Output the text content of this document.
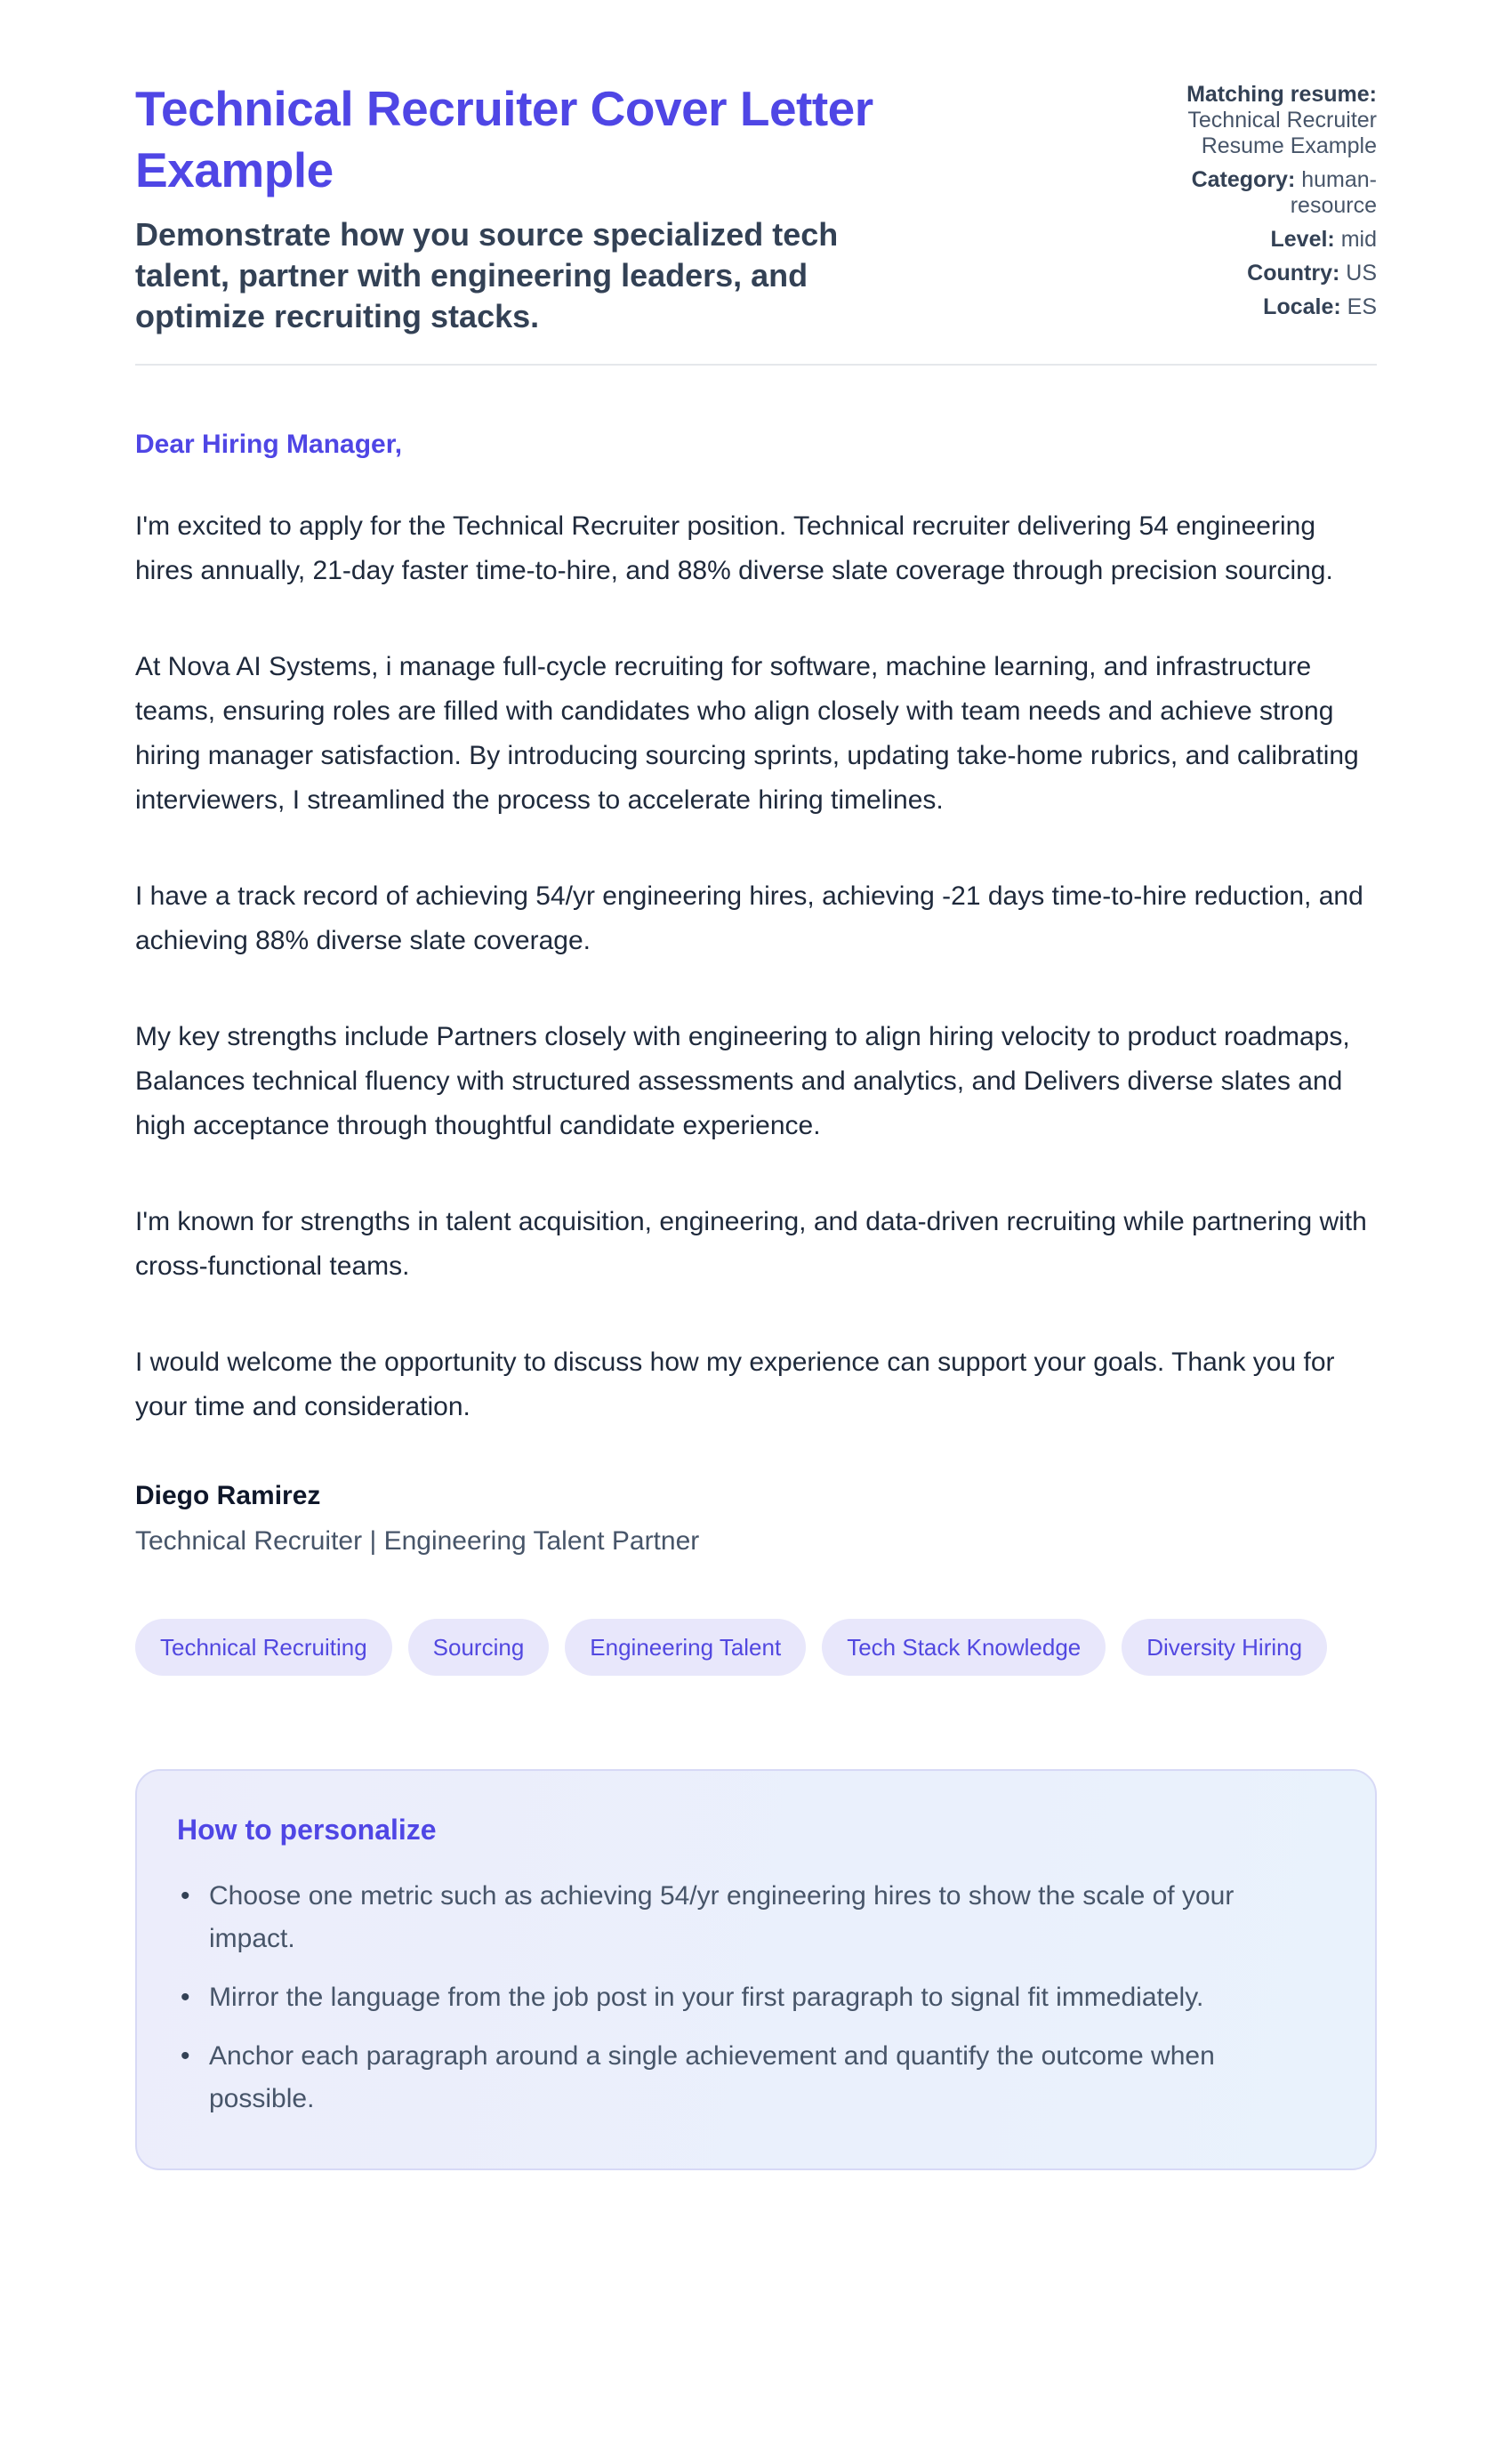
Technical Recruiter Cover Letter Example
Demonstrate how you source specialized tech talent, partner with engineering leaders, and optimize recruiting stacks.
Matching resume: Technical Recruiter Resume Example
Category: human-resource
Level: mid
Country: US
Locale: ES
Dear Hiring Manager,

I'm excited to apply for the Technical Recruiter position. Technical recruiter delivering 54 engineering hires annually, 21-day faster time-to-hire, and 88% diverse slate coverage through precision sourcing.

At Nova AI Systems, i manage full-cycle recruiting for software, machine learning, and infrastructure teams, ensuring roles are filled with candidates who align closely with team needs and achieve strong hiring manager satisfaction. By introducing sourcing sprints, updating take-home rubrics, and calibrating interviewers, I streamlined the process to accelerate hiring timelines.

I have a track record of achieving 54/yr engineering hires, achieving -21 days time-to-hire reduction, and achieving 88% diverse slate coverage.

My key strengths include Partners closely with engineering to align hiring velocity to product roadmaps, Balances technical fluency with structured assessments and analytics, and Delivers diverse slates and high acceptance through thoughtful candidate experience.

I'm known for strengths in talent acquisition, engineering, and data-driven recruiting while partnering with cross-functional teams.

I would welcome the opportunity to discuss how my experience can support your goals. Thank you for your time and consideration.

Diego Ramirez
Technical Recruiter | Engineering Talent Partner
Technical Recruiting	Sourcing	Engineering Talent	Tech Stack Knowledge	Diversity Hiring
How to personalize
• Choose one metric such as achieving 54/yr engineering hires to show the scale of your impact.
• Mirror the language from the job post in your first paragraph to signal fit immediately.
• Anchor each paragraph around a single achievement and quantify the outcome when possible.
